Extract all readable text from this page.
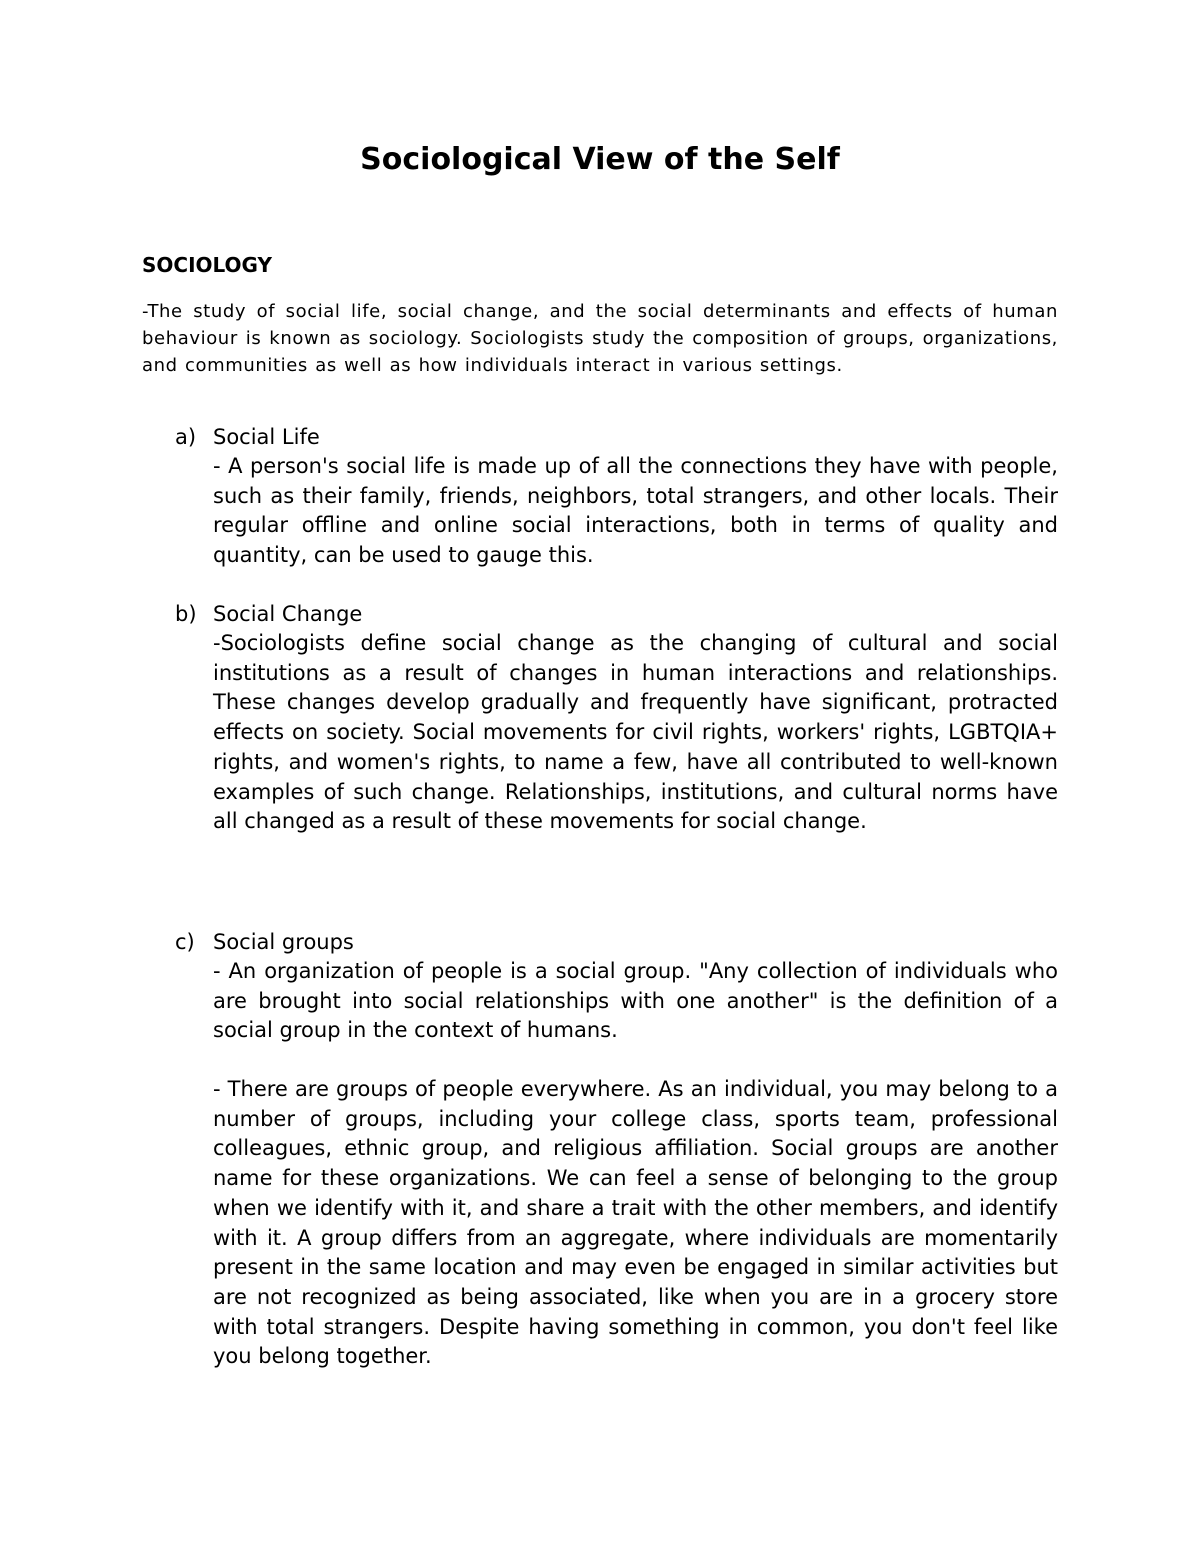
Sociological View of the Self
SOCIOLOGY

-The study of social life, social change, and the social determinants and effects of human behaviour is known as sociology. Sociologists study the composition of groups, organizations, and communities as well as how individuals interact in various settings.

a) Social Life

- A person's social life is made up of all the connections they have with people, such as their family, friends, neighbors, total strangers, and other locals. Their regular offline and online social interactions, both in terms of quality and quantity, can be used to gauge this.

b) Social Change

-Sociologists define social change as the changing of cultural and social institutions as a result of changes in human interactions and relationships. These changes develop gradually and frequently have significant, protracted effects on society. Social movements for civil rights, workers' rights, LGBTQIA+ rights, and women's rights, to name a few, have all contributed to well-known examples of such change. Relationships, institutions, and cultural norms have all changed as a result of these movements for social change.

c) Social groups

- An organization of people is a social group. "Any collection of individuals who are brought into social relationships with one another" is the definition of a social group in the context of humans.

- There are groups of people everywhere. As an individual, you may belong to a number of groups, including your college class, sports team, professional colleagues, ethnic group, and religious affiliation. Social groups are another name for these organizations. We can feel a sense of belonging to the group when we identify with it, and share a trait with the other members, and identify with it. A group differs from an aggregate, where individuals are momentarily present in the same location and may even be engaged in similar activities but are not recognized as being associated, like when you are in a grocery store with total strangers. Despite having something in common, you don't feel like you belong together.
